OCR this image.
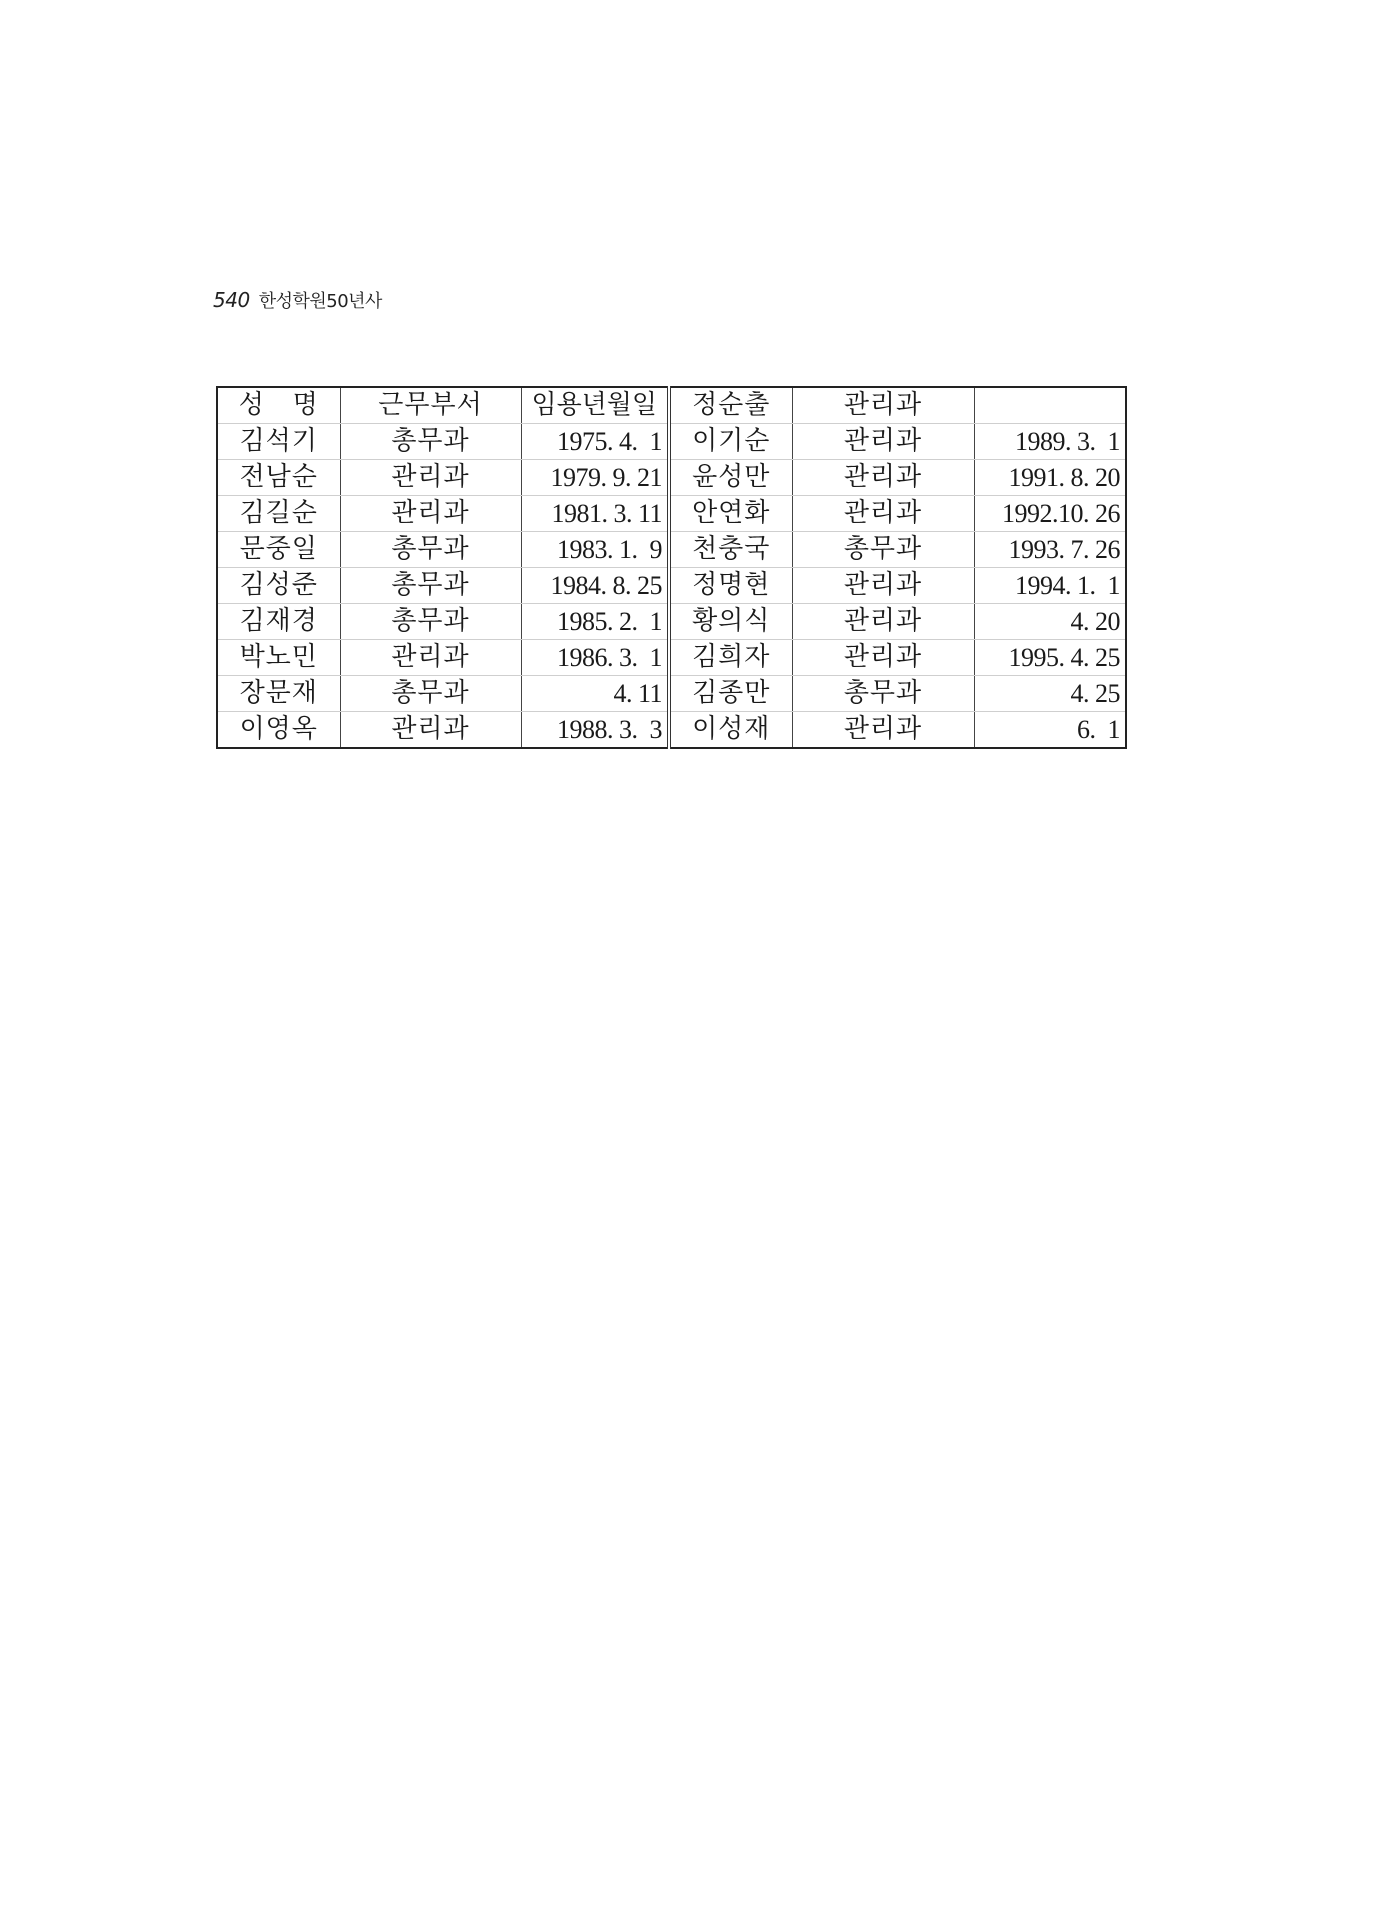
540 한성학원50년사
성   명	근무부서	임용년월일	정순출	관리과	
김석기	총무과	1975. 4.  1	이기순	관리과	1989. 3.  1
전남순	관리과	1979. 9. 21	윤성만	관리과	1991. 8. 20
김길순	관리과	1981. 3. 11	안연화	관리과	1992.10. 26
문중일	총무과	1983. 1.  9	천충국	총무과	1993. 7. 26
김성준	총무과	1984. 8. 25	정명현	관리과	1994. 1.  1
김재경	총무과	1985. 2.  1	황의식	관리과	4. 20
박노민	관리과	1986. 3.  1	김희자	관리과	1995. 4. 25
장문재	총무과	4. 11	김종만	총무과	4. 25
이영옥	관리과	1988. 3.  3	이성재	관리과	6.  1
